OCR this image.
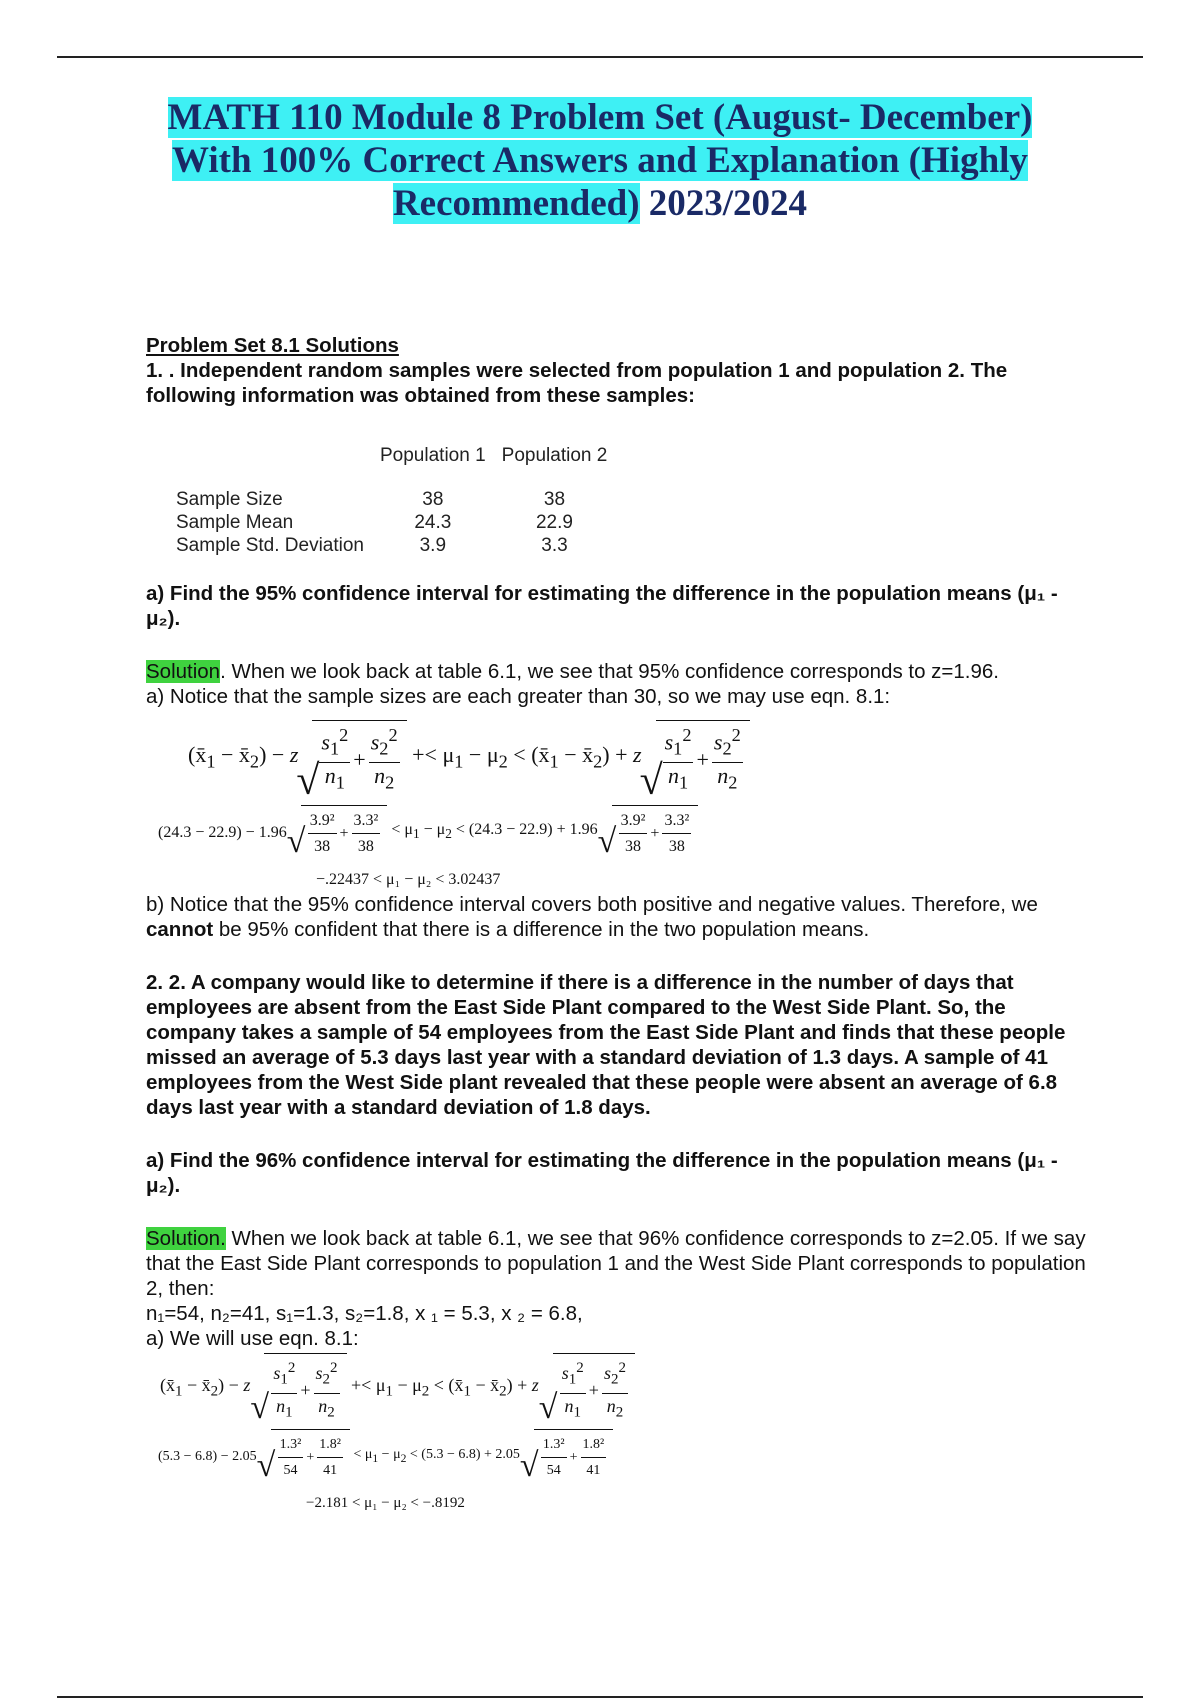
MATH 110 Module 8 Problem Set (August- December)
With 100% Correct Answers and Explanation (Highly
Recommended) 2023/2024

Problem Set 8.1 Solutions

1. . Independent random samples were selected from population 1 and population 2. The following information was obtained from these samples:

	Population 1	Population 2
Sample Size	38	38
Sample Mean	24.3	22.9
Sample Std. Deviation	3.9	3.3

a) Find the 95% confidence interval for estimating the difference in the population means (μ₁ - μ₂).

Solution. When we look back at table 6.1, we see that 95% confidence corresponds to z=1.96.

a) Notice that the sample sizes are each greater than 30, so we may use eqn. 8.1:

($x̄_1$ − $x̄_2) - z$ √ $\frac{s_1^2}{n_1} + \frac{s_2^2}{n_2} +< \mu_1 - \mu_2$ < ($x̄_1$ − $x̄_2) + z$ √ $\frac{s_1^2}{n_1} + \frac{s_2^2}{n_2}$
(24.3 − 22.9) − 1.96 √ $\frac{\text{3.9²}}{38} + \frac{\text{3.3²}}{38} < \mu_1 - \mu_2 < (24.3 - 22.9) + 1.96$ √ $\frac{\text{3.9²}}{38} + \frac{\text{3.3²}}{38}$
−.22437 < μ₁ − μ₂ < 3.02437

b) Notice that the 95% confidence interval covers both positive and negative values. Therefore, we cannot be 95% confident that there is a difference in the two population means.

2. 2. A company would like to determine if there is a difference in the number of days that employees are absent from the East Side Plant compared to the West Side Plant. So, the company takes a sample of 54 employees from the East Side Plant and finds that these people missed an average of 5.3 days last year with a standard deviation of 1.3 days. A sample of 41 employees from the West Side plant revealed that these people were absent an average of 6.8 days last year with a standard deviation of 1.8 days.

a) Find the 96% confidence interval for estimating the difference in the population means (μ₁ - μ₂).

Solution. When we look back at table 6.1, we see that 96% confidence corresponds to z=2.05. If we say that the East Side Plant corresponds to population 1 and the West Side Plant corresponds to population 2, then:

n₁=54, n₂=41, s₁=1.3, s₂=1.8, x ₁ = 5.3, x ₂ = 6.8,

a) We will use eqn. 8.1:

($x̄_1$ − $x̄_2) - z$ √ $\frac{s_1^2}{n_1} + \frac{s_2^2}{n_2} +< \mu_1 - \mu_2$ < ($x̄_1$ − $x̄_2) + z$ √ $\frac{s_1^2}{n_1} + \frac{s_2^2}{n_2}$
(5.3 − 6.8) − 2.05 √ $\frac{\text{1.3²}}{54} + \frac{\text{1.8²}}{41} < \mu_1 - \mu_2 < (5.3 - 6.8) + 2.05$ √ $\frac{\text{1.3²}}{54} + \frac{\text{1.8²}}{41}$
−2.181 < μ₁ − μ₂ < −.8192
